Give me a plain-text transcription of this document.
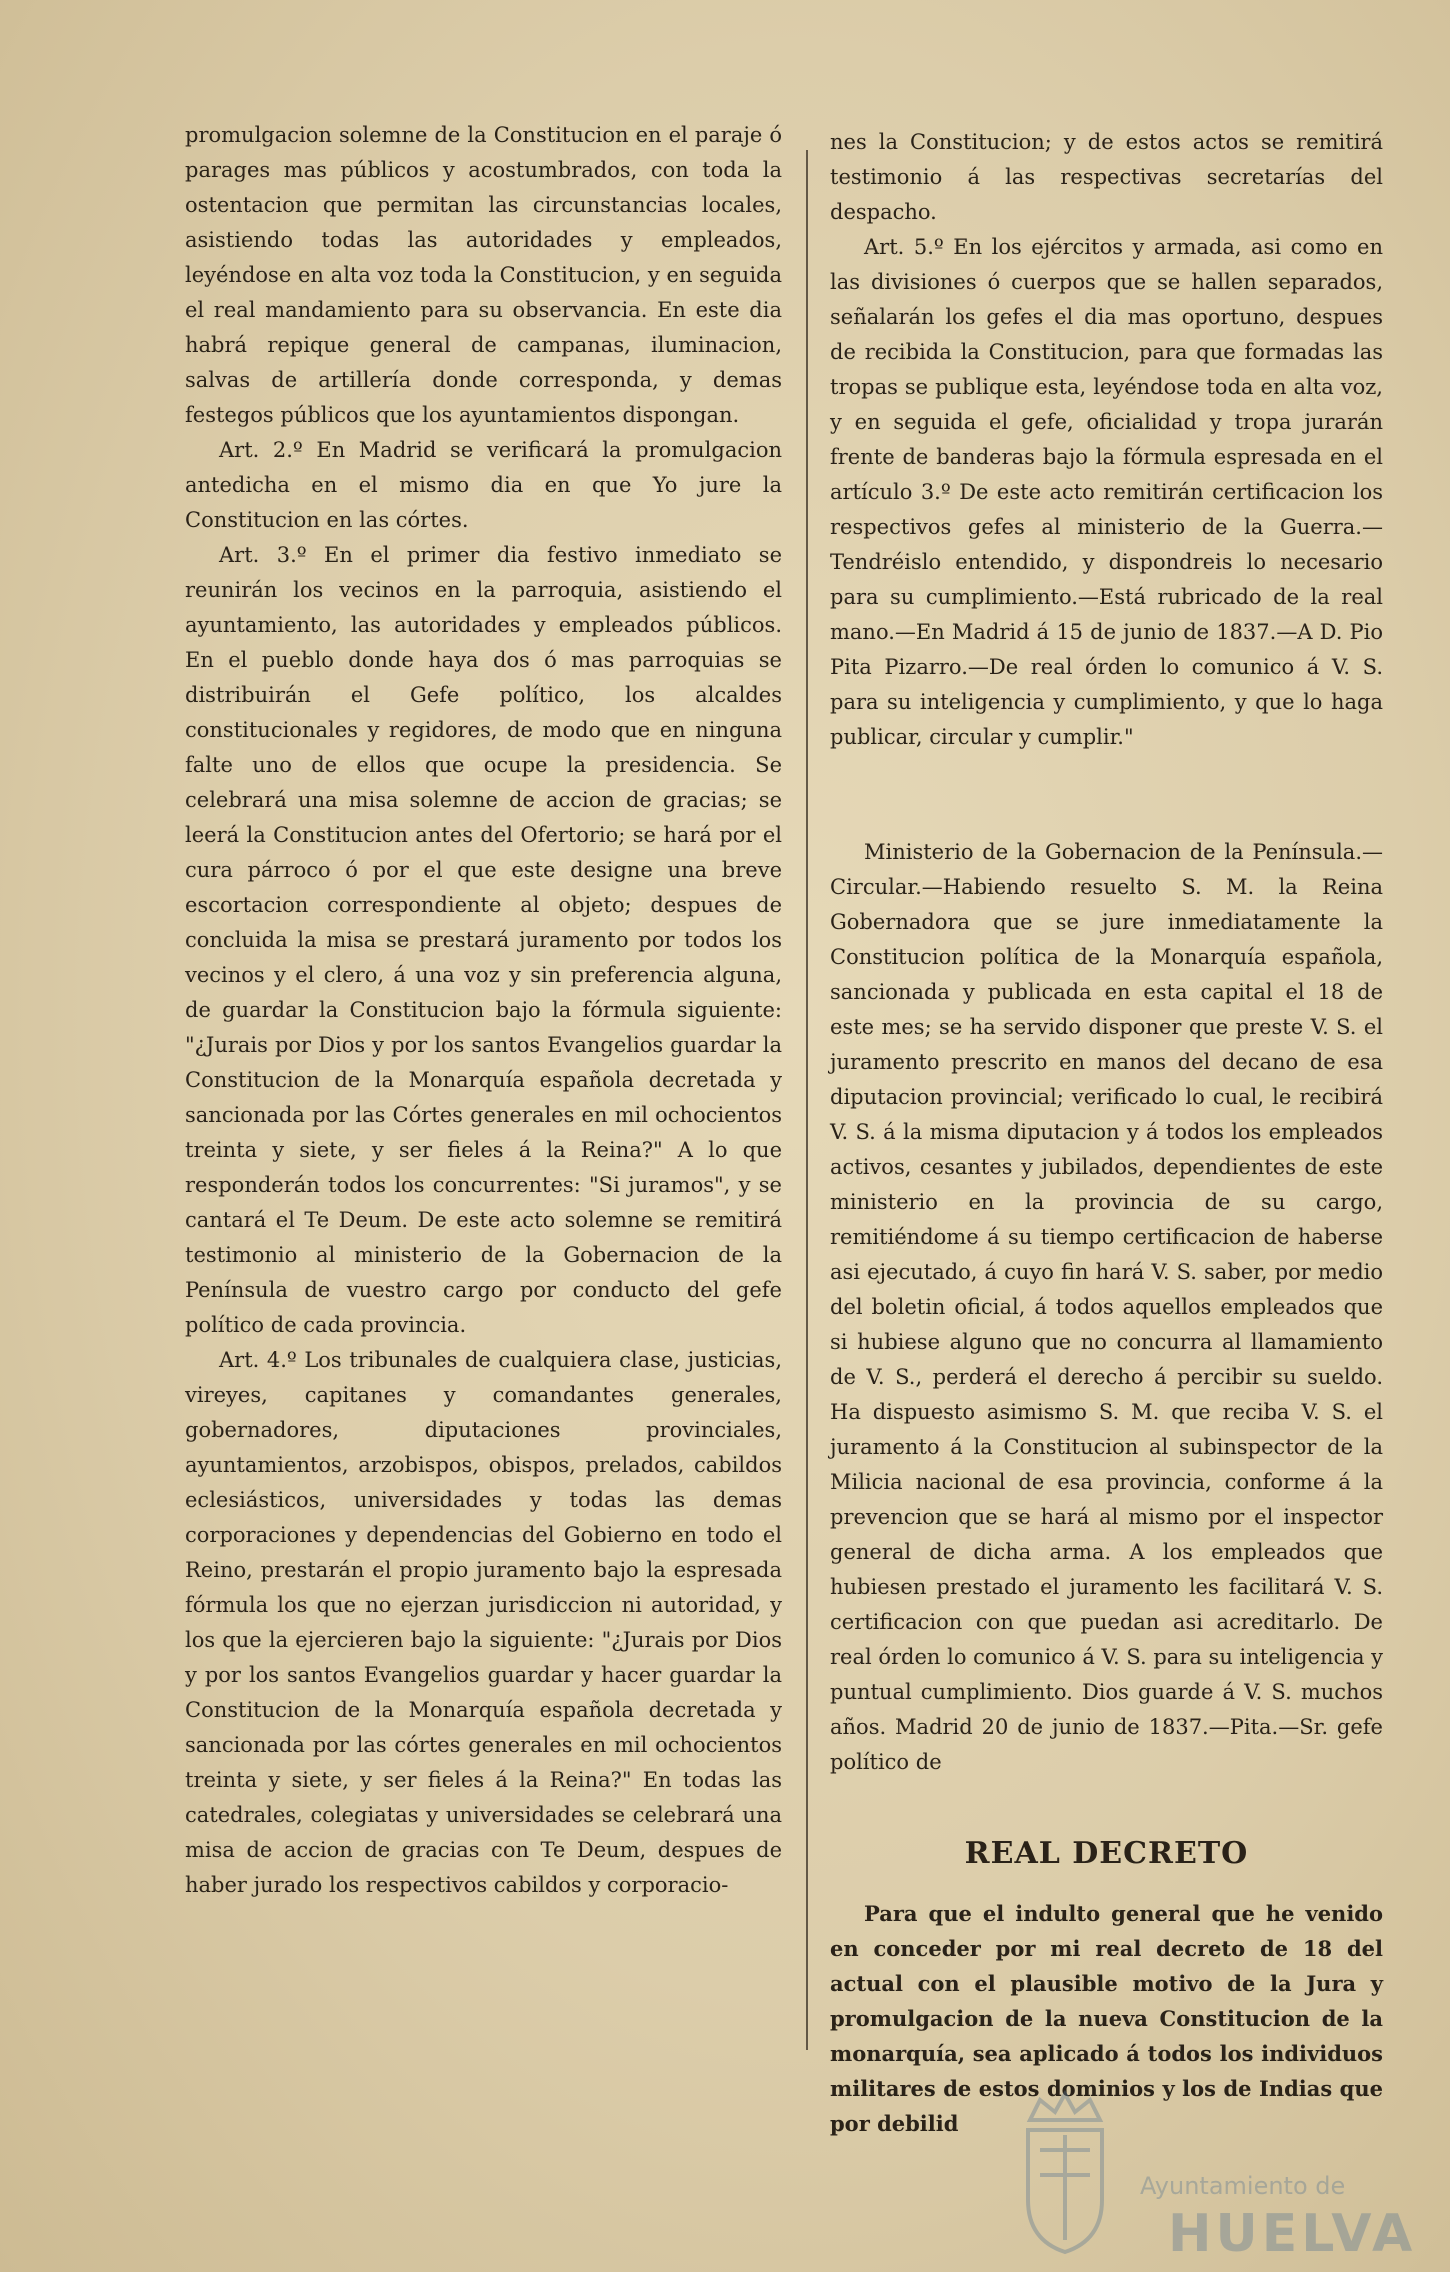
promulgacion solemne de la Constitucion en el paraje ó parages mas públicos y acostumbrados, con toda la ostentacion que permitan las circunstancias locales, asistiendo todas las autoridades y empleados, leyéndose en alta voz toda la Constitucion, y en seguida el real mandamiento para su observancia. En este dia habrá repique general de campanas, iluminacion, salvas de artillería donde corresponda, y demas festegos públicos que los ayuntamientos dispongan.

Art. 2.º En Madrid se verificará la promulgacion antedicha en el mismo dia en que Yo jure la Constitucion en las córtes.

Art. 3.º En el primer dia festivo inmediato se reunirán los vecinos en la parroquia, asistiendo el ayuntamiento, las autoridades y empleados públicos. En el pueblo donde haya dos ó mas parroquias se distribuirán el Gefe político, los alcaldes constitucionales y regidores, de modo que en ninguna falte uno de ellos que ocupe la presidencia. Se celebrará una misa solemne de accion de gracias; se leerá la Constitucion antes del Ofertorio; se hará por el cura párroco ó por el que este designe una breve escortacion correspondiente al objeto; despues de concluida la misa se prestará juramento por todos los vecinos y el clero, á una voz y sin preferencia alguna, de guardar la Constitucion bajo la fórmula siguiente: "¿Jurais por Dios y por los santos Evangelios guardar la Constitucion de la Monarquía española decretada y sancionada por las Córtes generales en mil ochocientos treinta y siete, y ser fieles á la Reina?" A lo que responderán todos los concurrentes: "Si juramos", y se cantará el Te Deum. De este acto solemne se remitirá testimonio al ministerio de la Gobernacion de la Península de vuestro cargo por conducto del gefe político de cada provincia.

Art. 4.º Los tribunales de cualquiera clase, justicias, vireyes, capitanes y comandantes generales, gobernadores, diputaciones provinciales, ayuntamientos, arzobispos, obispos, prelados, cabildos eclesiásticos, universidades y todas las demas corporaciones y dependencias del Gobierno en todo el Reino, prestarán el propio juramento bajo la espresada fórmula los que no ejerzan jurisdiccion ni autoridad, y los que la ejercieren bajo la siguiente: "¿Jurais por Dios y por los santos Evangelios guardar y hacer guardar la Constitucion de la Monarquía española decretada y sancionada por las córtes generales en mil ochocientos treinta y siete, y ser fieles á la Reina?" En todas las catedrales, colegiatas y universidades se celebrará una misa de accion de gracias con Te Deum, despues de haber jurado los respectivos cabildos y corporacio-

nes la Constitucion; y de estos actos se remitirá testimonio á las respectivas secretarías del despacho.

Art. 5.º En los ejércitos y armada, asi como en las divisiones ó cuerpos que se hallen separados, señalarán los gefes el dia mas oportuno, despues de recibida la Constitucion, para que formadas las tropas se publique esta, leyéndose toda en alta voz, y en seguida el gefe, oficialidad y tropa jurarán frente de banderas bajo la fórmula espresada en el artículo 3.º De este acto remitirán certificacion los respectivos gefes al ministerio de la Guerra.—Tendréislo entendido, y dispondreis lo necesario para su cumplimiento.—Está rubricado de la real mano.—En Madrid á 15 de junio de 1837.—A D. Pio Pita Pizarro.—De real órden lo comunico á V. S. para su inteligencia y cumplimiento, y que lo haga publicar, circular y cumplir."

Ministerio de la Gobernacion de la Península.—Circular.—Habiendo resuelto S. M. la Reina Gobernadora que se jure inmediatamente la Constitucion política de la Monarquía española, sancionada y publicada en esta capital el 18 de este mes; se ha servido disponer que preste V. S. el juramento prescrito en manos del decano de esa diputacion provincial; verificado lo cual, le recibirá V. S. á la misma diputacion y á todos los empleados activos, cesantes y jubilados, dependientes de este ministerio en la provincia de su cargo, remitiéndome á su tiempo certificacion de haberse asi ejecutado, á cuyo fin hará V. S. saber, por medio del boletin oficial, á todos aquellos empleados que si hubiese alguno que no concurra al llamamiento de V. S., perderá el derecho á percibir su sueldo. Ha dispuesto asimismo S. M. que reciba V. S. el juramento á la Constitucion al subinspector de la Milicia nacional de esa provincia, conforme á la prevencion que se hará al mismo por el inspector general de dicha arma. A los empleados que hubiesen prestado el juramento les facilitará V. S. certificacion con que puedan asi acreditarlo. De real órden lo comunico á V. S. para su inteligencia y puntual cumplimiento. Dios guarde á V. S. muchos años. Madrid 20 de junio de 1837.—Pita.—Sr. gefe político de

REAL DECRETO

Para que el indulto general que he venido en conceder por mi real decreto de 18 del actual con el plausible motivo de la Jura y promulgacion de la nueva Constitucion de la monarquía, sea aplicado á todos los individuos militares de estos dominios y los de Indias que por debilid

Ayuntamiento de
HUELVA
